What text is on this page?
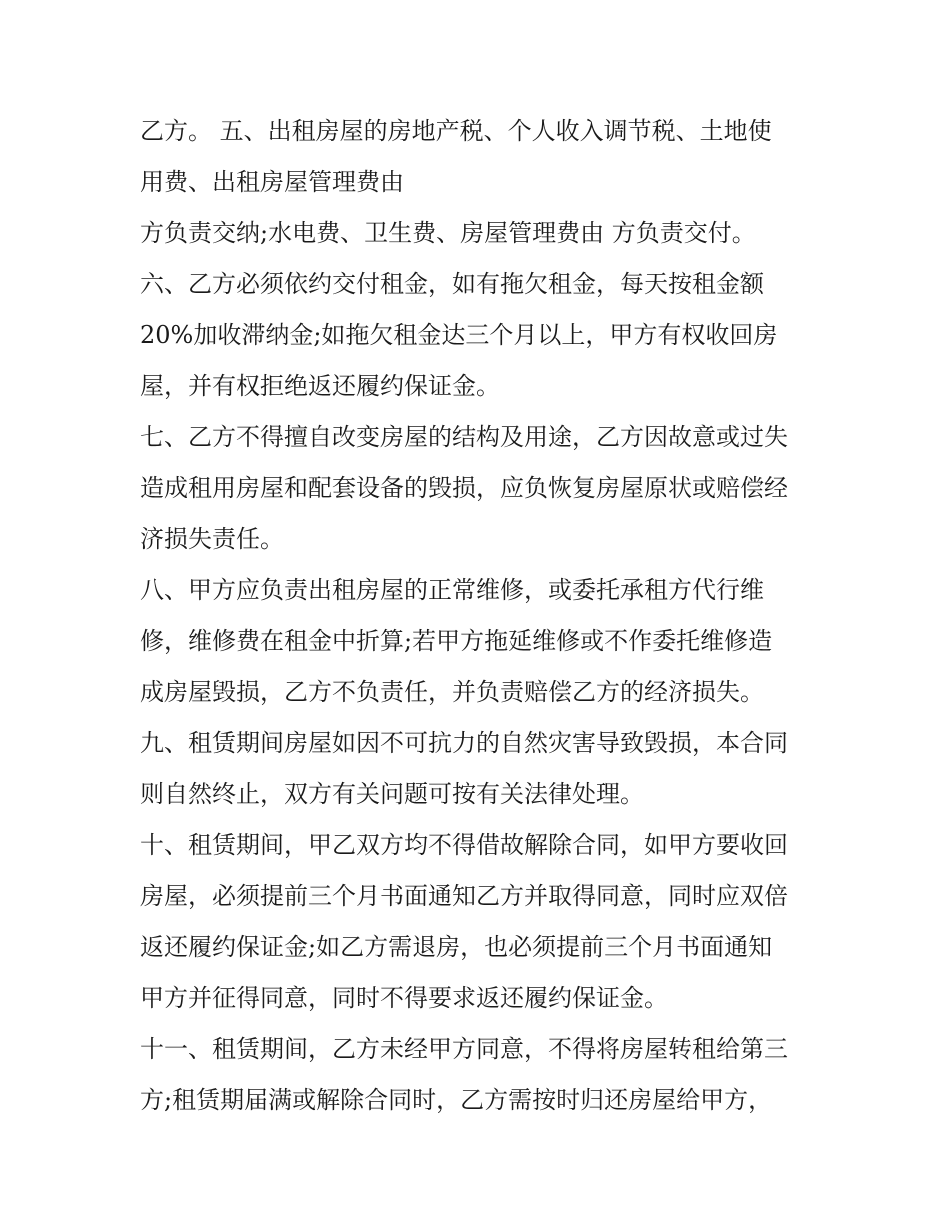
乙方。 五、出租房屋的房地产税、个人收入调节税、土地使
用费、出租房屋管理费由
方负责交纳;水电费、卫生费、房屋管理费由 方负责交付。
六、乙方必须依约交付租金，如有拖欠租金，每天按租金额
20%加收滞纳金;如拖欠租金达三个月以上，甲方有权收回房
屋，并有权拒绝返还履约保证金。
七、乙方不得擅自改变房屋的结构及用途，乙方因故意或过失
造成租用房屋和配套设备的毁损，应负恢复房屋原状或赔偿经
济损失责任。
八、甲方应负责出租房屋的正常维修，或委托承租方代行维
修，维修费在租金中折算;若甲方拖延维修或不作委托维修造
成房屋毁损，乙方不负责任，并负责赔偿乙方的经济损失。
九、租赁期间房屋如因不可抗力的自然灾害导致毁损，本合同
则自然终止，双方有关问题可按有关法律处理。
十、租赁期间，甲乙双方均不得借故解除合同，如甲方要收回
房屋，必须提前三个月书面通知乙方并取得同意，同时应双倍
返还履约保证金;如乙方需退房，也必须提前三个月书面通知
甲方并征得同意，同时不得要求返还履约保证金。
十一、租赁期间，乙方未经甲方同意，不得将房屋转租给第三
方;租赁期届满或解除合同时，乙方需按时归还房屋给甲方，
